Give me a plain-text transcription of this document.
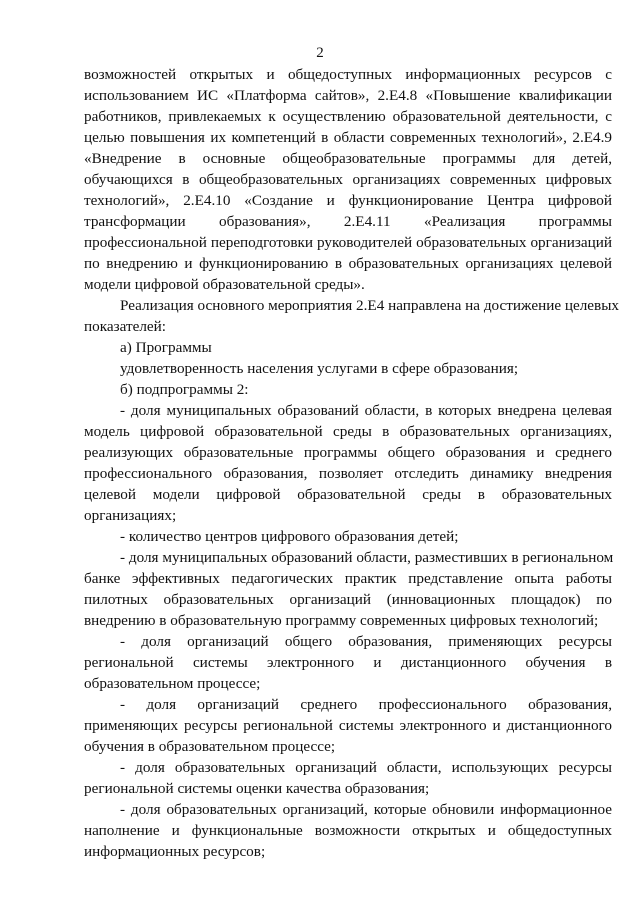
2
возможностей открытых и общедоступных информационных ресурсов с
использованием ИС «Платформа сайтов», 2.Е4.8 «Повышение квалификации
работников, привлекаемых к осуществлению образовательной деятельности, с
целью повышения их компетенций в области современных технологий», 2.Е4.9
«Внедрение в основные общеобразовательные программы для детей,
обучающихся в общеобразовательных организациях современных цифровых
технологий», 2.Е4.10 «Создание и функционирование Центра цифровой
трансформации образования», 2.Е4.11 «Реализация программы
профессиональной переподготовки руководителей образовательных организаций
по внедрению и функционированию в образовательных организациях целевой
модели цифровой образовательной среды».
Реализация основного мероприятия 2.Е4 направлена на достижение целевых
показателей:
а) Программы
удовлетворенность населения услугами в сфере образования;
б) подпрограммы 2:
- доля муниципальных образований области, в которых внедрена целевая
модель цифровой образовательной среды в образовательных организациях,
реализующих образовательные программы общего образования и среднего
профессионального образования, позволяет отследить динамику внедрения
целевой модели цифровой образовательной среды в образовательных
организациях;
- количество центров цифрового образования детей;
- доля муниципальных образований области, разместивших в региональном
банке эффективных педагогических практик представление опыта работы
пилотных образовательных организаций (инновационных площадок) по
внедрению в образовательную программу современных цифровых технологий;
- доля организаций общего образования, применяющих ресурсы
региональной системы электронного и дистанционного обучения в
образовательном процессе;
- доля организаций среднего профессионального образования,
применяющих ресурсы региональной системы электронного и дистанционного
обучения в образовательном процессе;
- доля образовательных организаций области, использующих ресурсы
региональной системы оценки качества образования;
- доля образовательных организаций, которые обновили информационное
наполнение и функциональные возможности открытых и общедоступных
информационных ресурсов;
